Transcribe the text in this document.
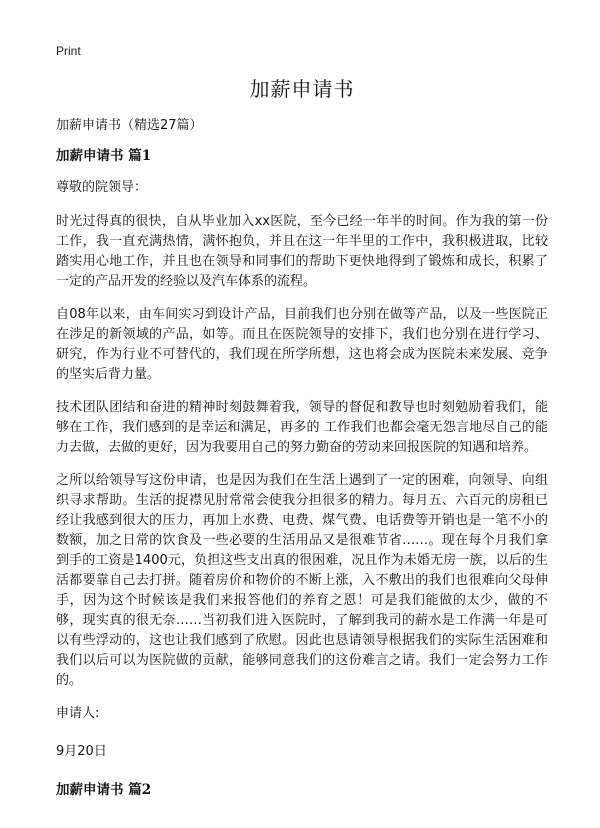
Print
加薪申请书
加薪申请书（精选27篇）
加薪申请书 篇1

尊敬的院领导：

时光过得真的很快，自从毕业加入xx医院，至今已经一年半的时间。作为我的第一份工作，我一直充满热情，满怀抱负，并且在这一年半里的工作中，我积极进取，比较踏实用心地工作，并且也在领导和同事们的帮助下更快地得到了锻炼和成长，积累了一定的产品开发的经验以及汽车体系的流程。

自08年以来，由车间实习到设计产品，目前我们也分别在做等产品，以及一些医院正在涉足的新领域的产品，如等。而且在医院领导的安排下，我们也分别在进行学习、研究，作为行业不可替代的，我们现在所学所想，这也将会成为医院未来发展、竞争的坚实后背力量。

技术团队团结和奋进的精神时刻鼓舞着我，领导的督促和教导也时刻勉励着我们，能够在工作，我们感到的是幸运和满足，再多的 工作我们也都会毫无怨言地尽自己的能力去做，去做的更好，因为我要用自己的努力勤奋的劳动来回报医院的知遇和培养。

之所以给领导写这份申请，也是因为我们在生活上遇到了一定的困难，向领导、向组织寻求帮助。生活的捉襟见肘常常会使我分担很多的精力。每月五、六百元的房租已经让我感到很大的压力，再加上水费、电费、煤气费、电话费等开销也是一笔不小的数额，加之日常的饮食及一些必要的生活用品又是很难节省……。现在每个月我们拿到手的工资是1400元，负担这些支出真的很困难，况且作为未婚无房一族，以后的生活都要靠自己去打拼。随着房价和物价的不断上涨，入不敷出的我们也很难向父母伸手，因为这个时候该是我们来报答他们的养育之恩！可是我们能做的太少，做的不够，现实真的很无奈……当初我们进入医院时，了解到我司的薪水是工作满一年是可以有些浮动的，这也让我们感到了欣慰。因此也恳请领导根据我们的实际生活困难和我们以后可以为医院做的贡献，能够同意我们的这份难言之请。我们一定会努力工作的。

申请人:

9月20日

加薪申请书 篇2
